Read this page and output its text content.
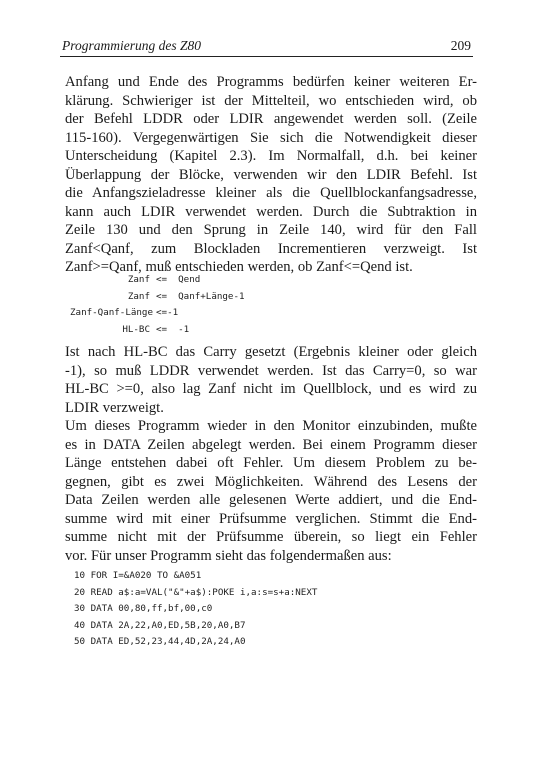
Programmierung des Z80	209
Anfang und Ende des Programms bedürfen keiner weiteren Er-
klärung. Schwieriger ist der Mittelteil, wo entschieden wird, ob
der Befehl LDDR oder LDIR angewendet werden soll. (Zeile
115-160). Vergegenwärtigen Sie sich die Notwendigkeit dieser
Unterscheidung (Kapitel 2.3). Im Normalfall, d.h. bei keiner
Überlappung der Blöcke, verwenden wir den LDIR Befehl. Ist
die Anfangszieladresse kleiner als die Quellblockanfangsadresse,
kann auch LDIR verwendet werden. Durch die Subtraktion in
Zeile 130 und den Sprung in Zeile 140, wird für den Fall
Zanf<Qanf, zum Blockladen Incrementieren verzweigt. Ist
Zanf>=Qanf, muß entschieden werden, ob Zanf<=Qend ist.
Zanf <=  Qend
Zanf <=  Qanf+Länge-1
Zanf-Qanf-Länge <=-1
HL-BC <=  -1
Ist nach HL-BC das Carry gesetzt (Ergebnis kleiner oder gleich
-1), so muß LDDR verwendet werden. Ist das Carry=0, so war
HL-BC >=0, also lag Zanf nicht im Quellblock, und es wird zu
LDIR verzweigt.
Um dieses Programm wieder in den Monitor einzubinden, mußte
es in DATA Zeilen abgelegt werden. Bei einem Programm dieser
Länge entstehen dabei oft Fehler. Um diesem Problem zu be-
gegnen, gibt es zwei Möglichkeiten. Während des Lesens der
Data Zeilen werden alle gelesenen Werte addiert, und die End-
summe wird mit einer Prüfsumme verglichen. Stimmt die End-
summe nicht mit der Prüfsumme überein, so liegt ein Fehler
vor. Für unser Programm sieht das folgendermaßen aus:
10 FOR I=&A020 TO &A051
20 READ a$:a=VAL("&"+a$):POKE i,a:s=s+a:NEXT
30 DATA 00,80,ff,bf,00,c0
40 DATA 2A,22,A0,ED,5B,20,A0,B7
50 DATA ED,52,23,44,4D,2A,24,A0
